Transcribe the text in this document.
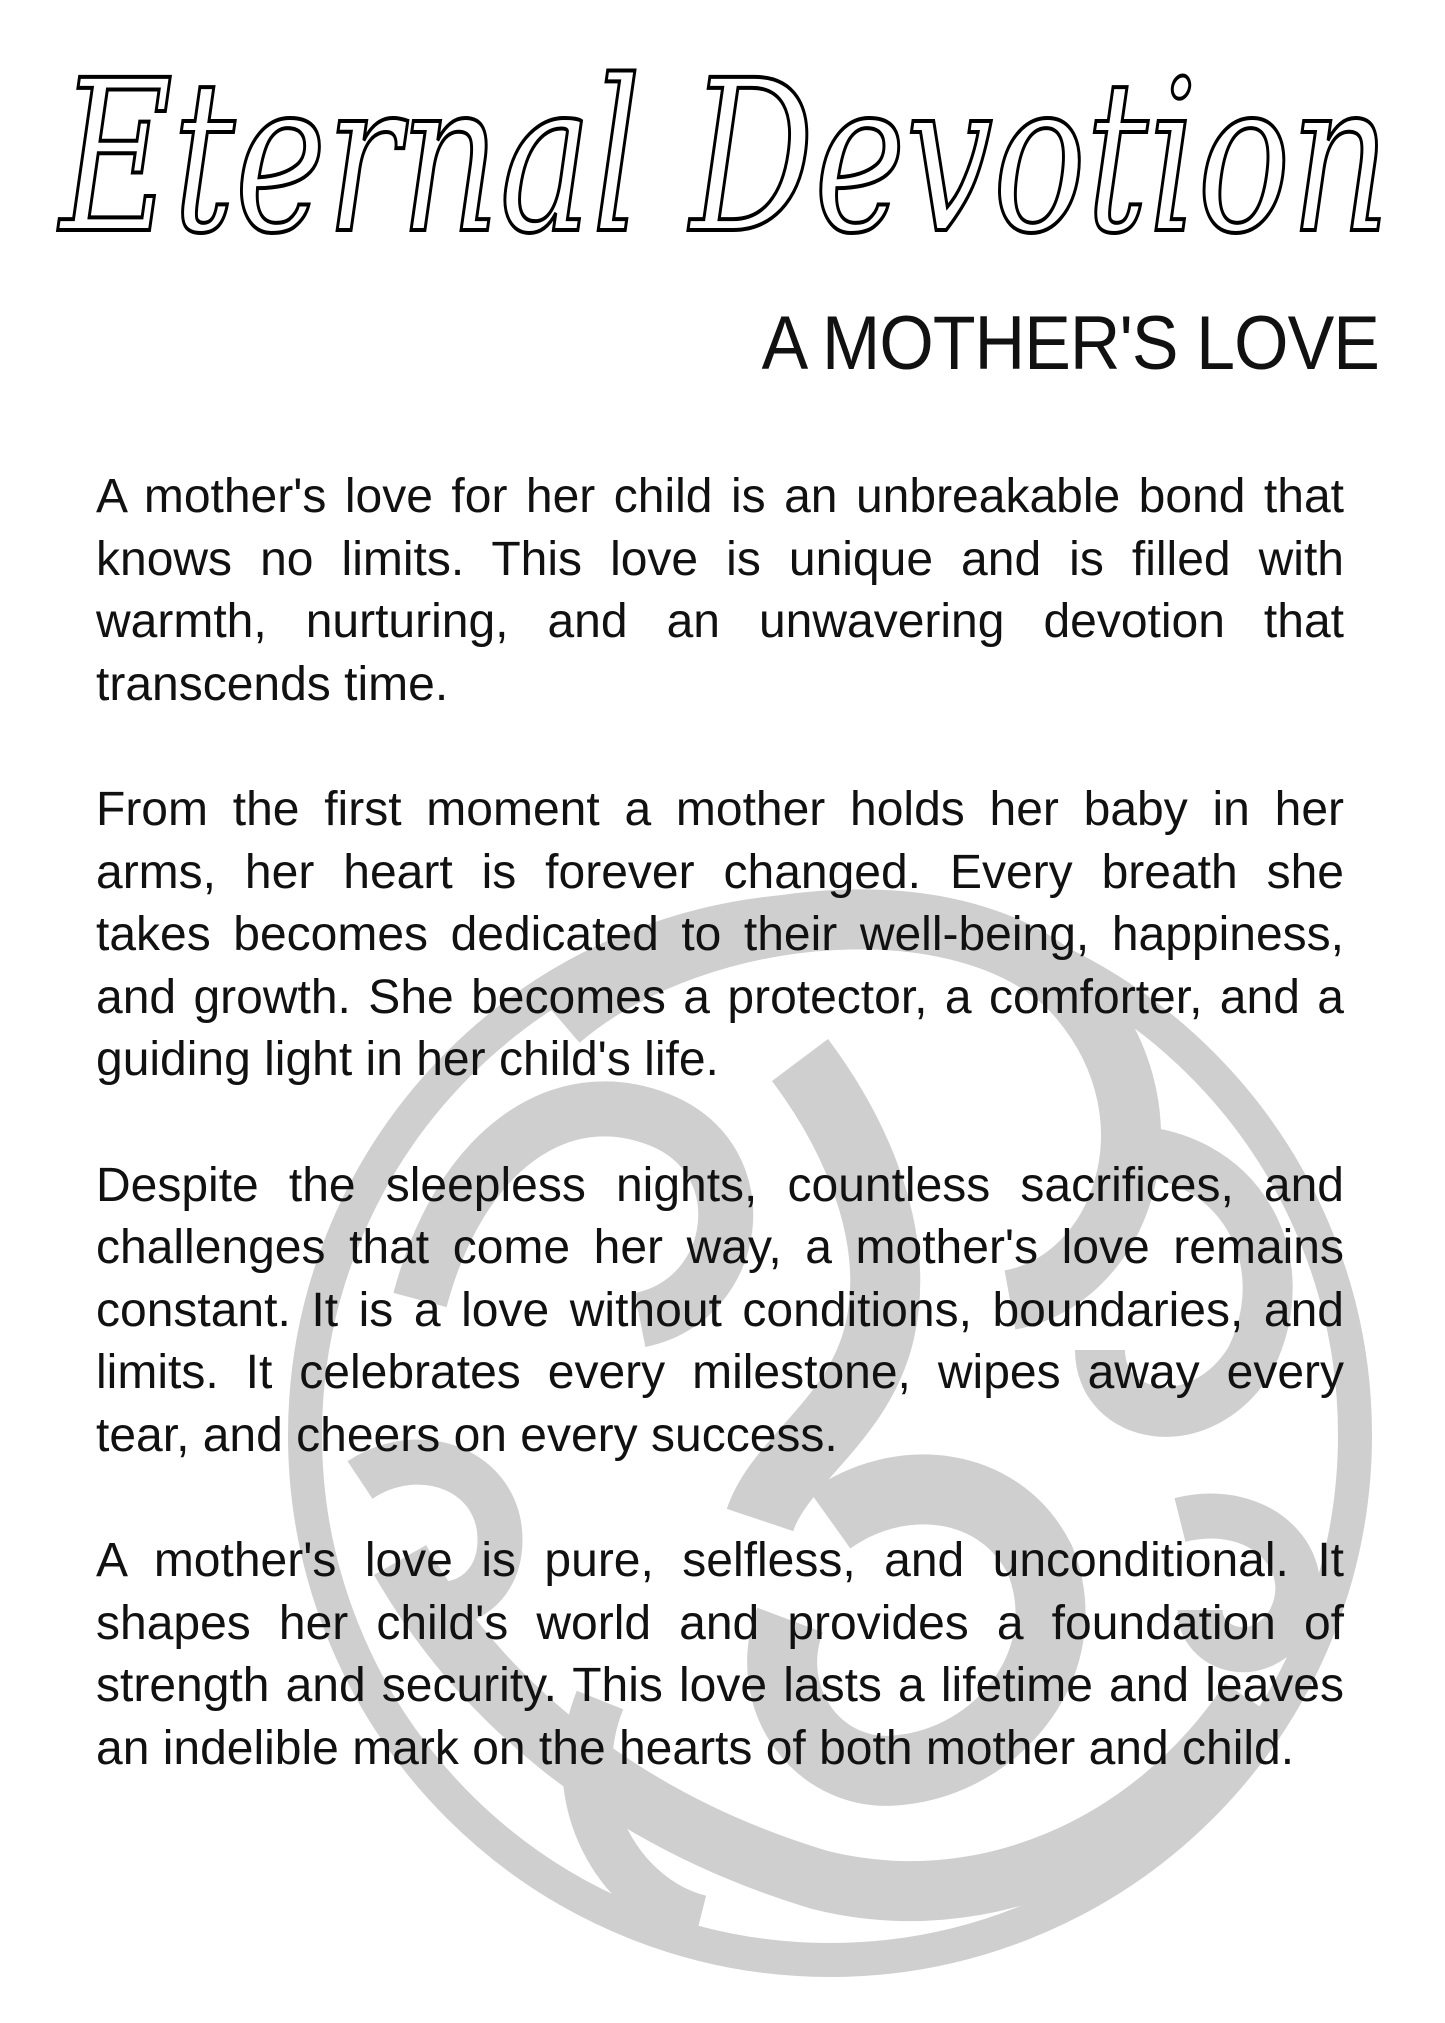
Eternal Devotion
A MOTHER'S LOVE

A mother's love for her child is an unbreakable bond that knows no limits. This love is unique and is filled with warmth, nurturing, and an unwavering devotion that transcends time.

From the first moment a mother holds her baby in her arms, her heart is forever changed. Every breath she takes becomes dedicated to their well-being, happiness, and growth. She becomes a protector, a comforter, and a guiding light in her child's life.

Despite the sleepless nights, countless sacrifices, and challenges that come her way, a mother's love remains constant. It is a love without conditions, boundaries, and limits. It celebrates every milestone, wipes away every tear, and cheers on every success.

A mother's love is pure, selfless, and unconditional. It shapes her child's world and provides a foundation of strength and security. This love lasts a lifetime and leaves an indelible mark on the hearts of both mother and child.
